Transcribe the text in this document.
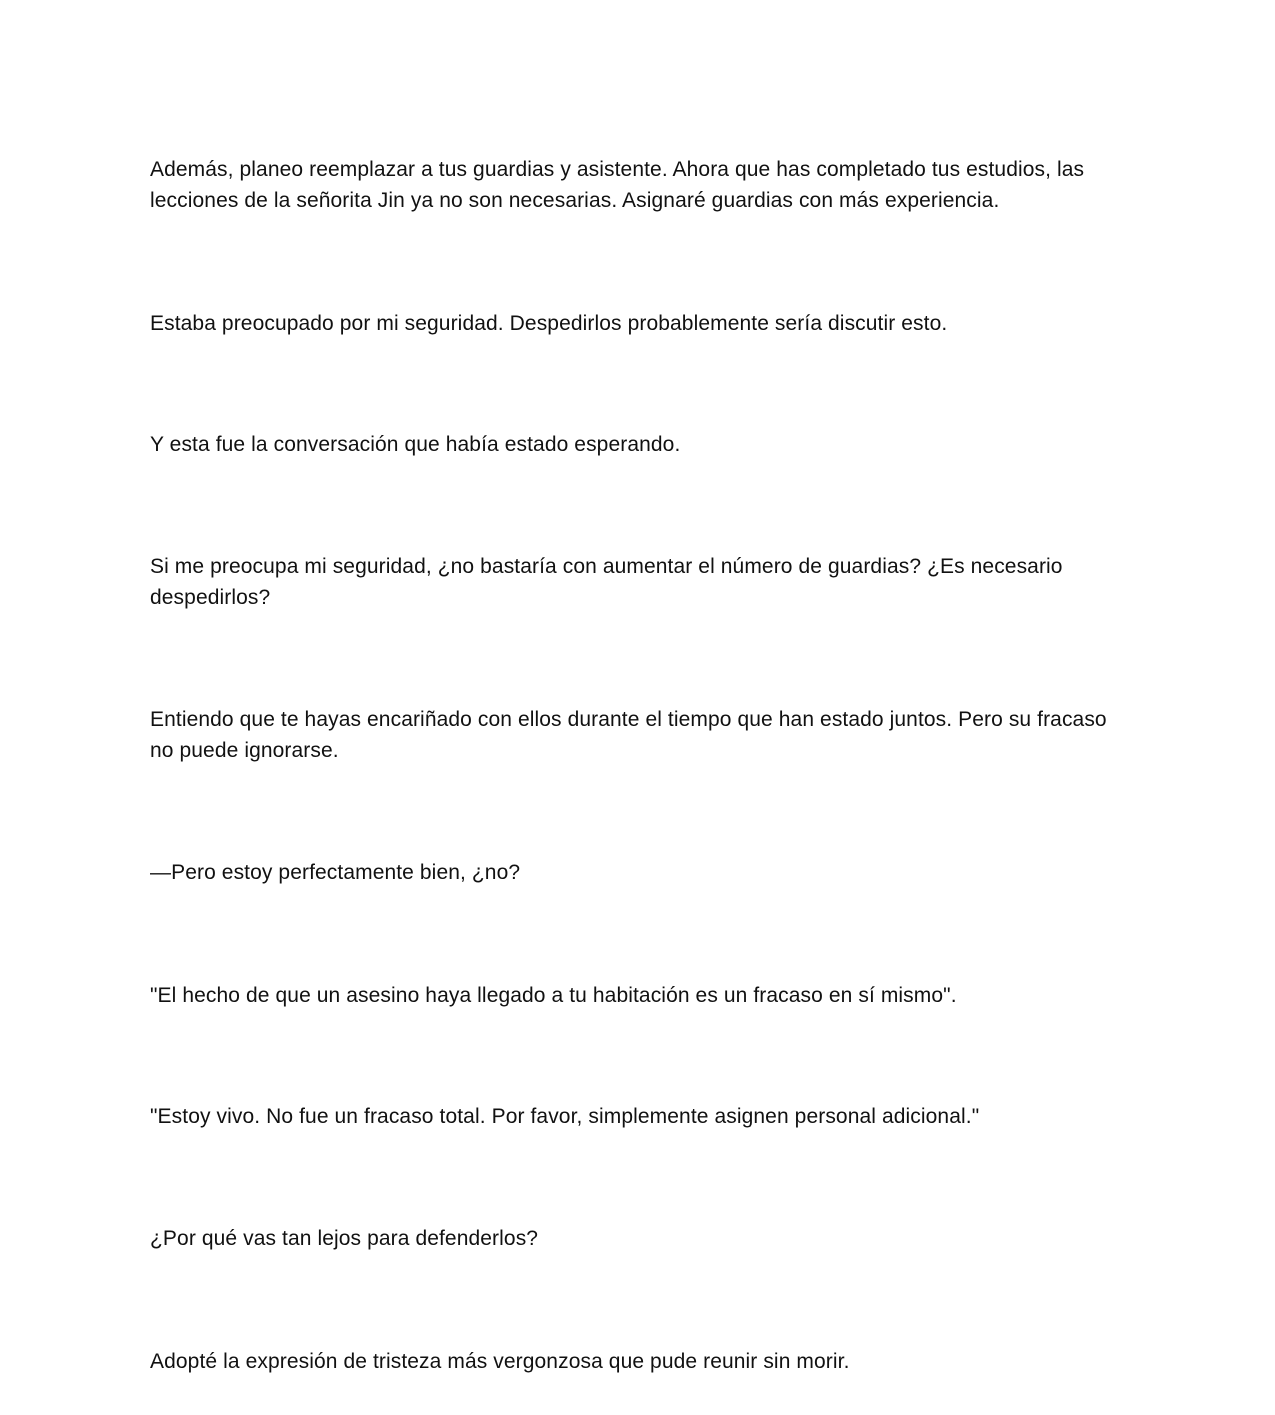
Además, planeo reemplazar a tus guardias y asistente. Ahora que has completado tus estudios, las lecciones de la señorita Jin ya no son necesarias. Asignaré guardias con más experiencia.

Estaba preocupado por mi seguridad. Despedirlos probablemente sería discutir esto.

Y esta fue la conversación que había estado esperando.

Si me preocupa mi seguridad, ¿no bastaría con aumentar el número de guardias? ¿Es necesario despedirlos?

Entiendo que te hayas encariñado con ellos durante el tiempo que han estado juntos. Pero su fracaso no puede ignorarse.

—Pero estoy perfectamente bien, ¿no?

"El hecho de que un asesino haya llegado a tu habitación es un fracaso en sí mismo".

"Estoy vivo. No fue un fracaso total. Por favor, simplemente asignen personal adicional."

¿Por qué vas tan lejos para defenderlos?

Adopté la expresión de tristeza más vergonzosa que pude reunir sin morir.
